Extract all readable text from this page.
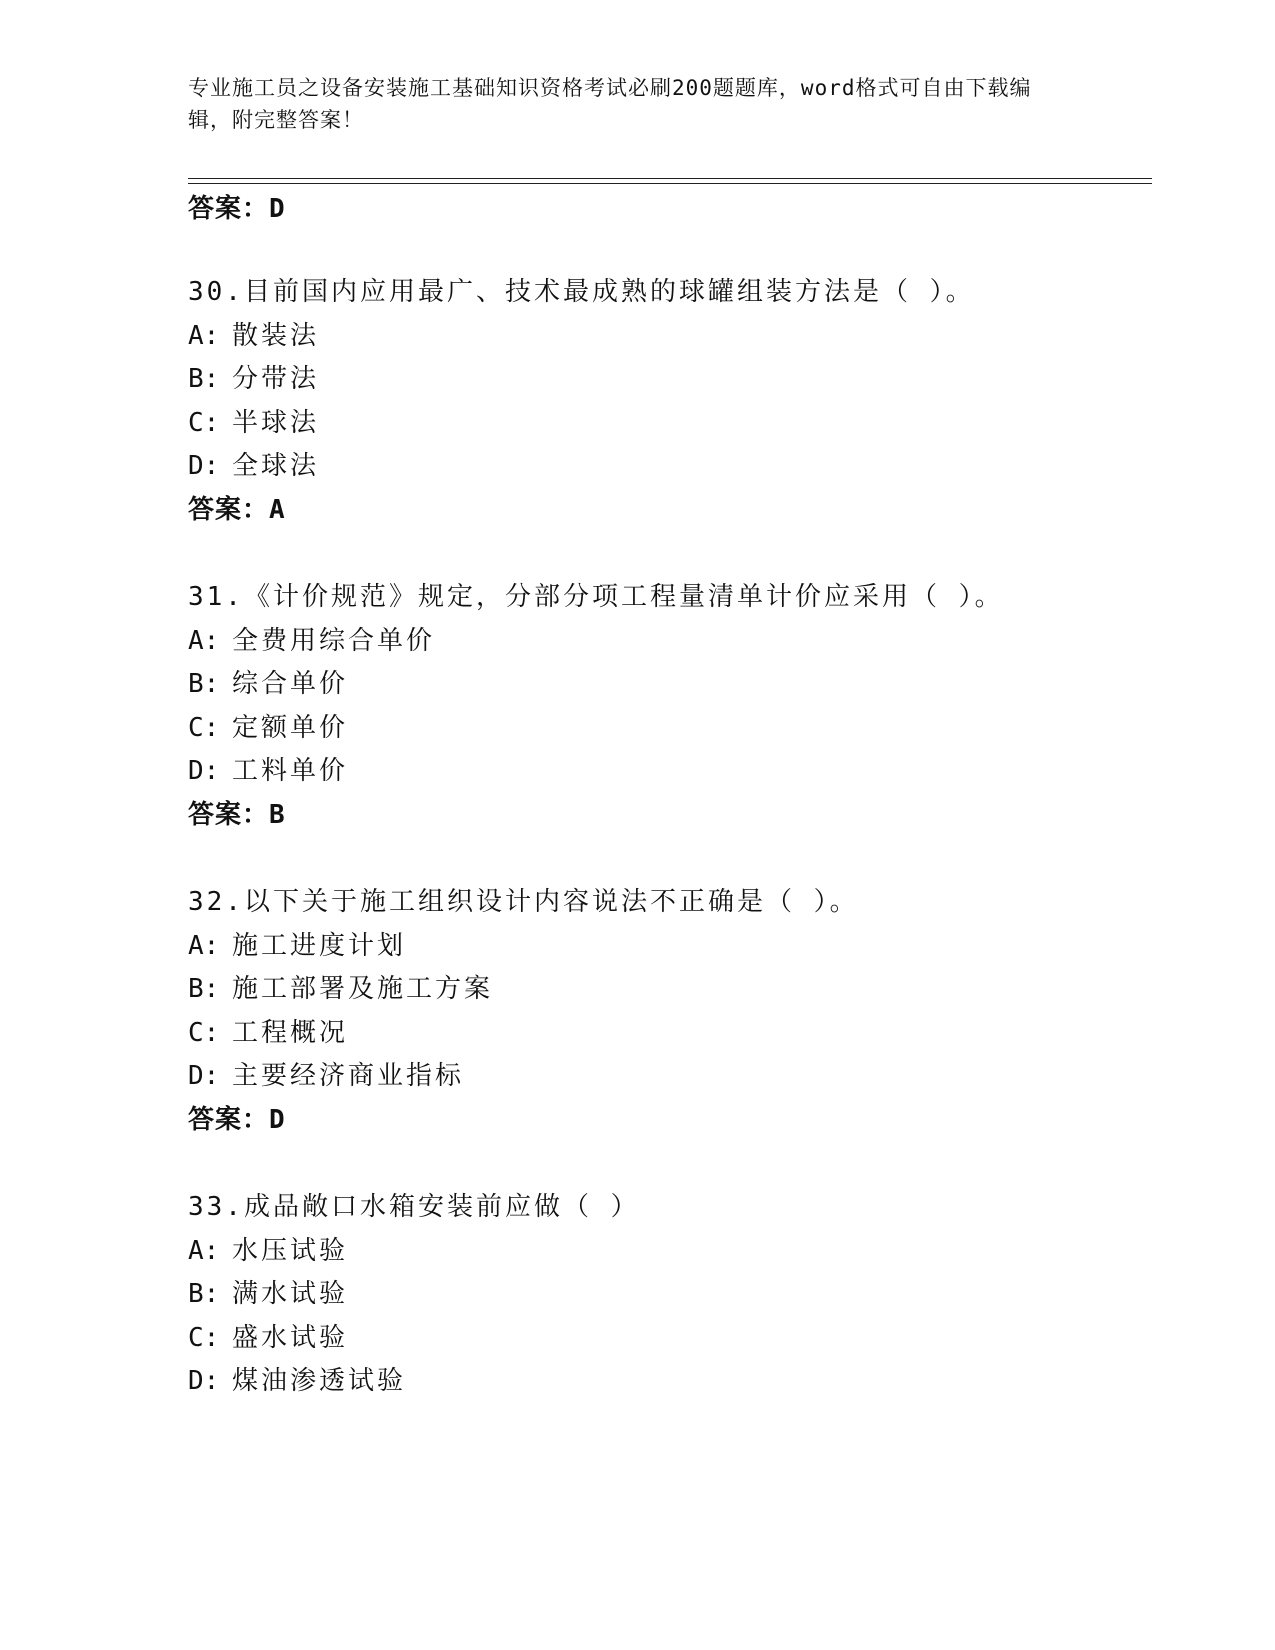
专业施工员之设备安装施工基础知识资格考试必刷200题题库，word格式可自由下载编辑，附完整答案！
答案：D
30.目前国内应用最广、技术最成熟的球罐组装方法是（ ）。
A: 散装法
B: 分带法
C: 半球法
D: 全球法
答案：A
31.《计价规范》规定，分部分项工程量清单计价应采用（ ）。
A: 全费用综合单价
B: 综合单价
C: 定额单价
D: 工料单价
答案：B
32.以下关于施工组织设计内容说法不正确是（ ）。
A: 施工进度计划
B: 施工部署及施工方案
C: 工程概况
D: 主要经济商业指标
答案：D
33.成品敞口水箱安装前应做（ ）
A: 水压试验
B: 满水试验
C: 盛水试验
D: 煤油渗透试验
